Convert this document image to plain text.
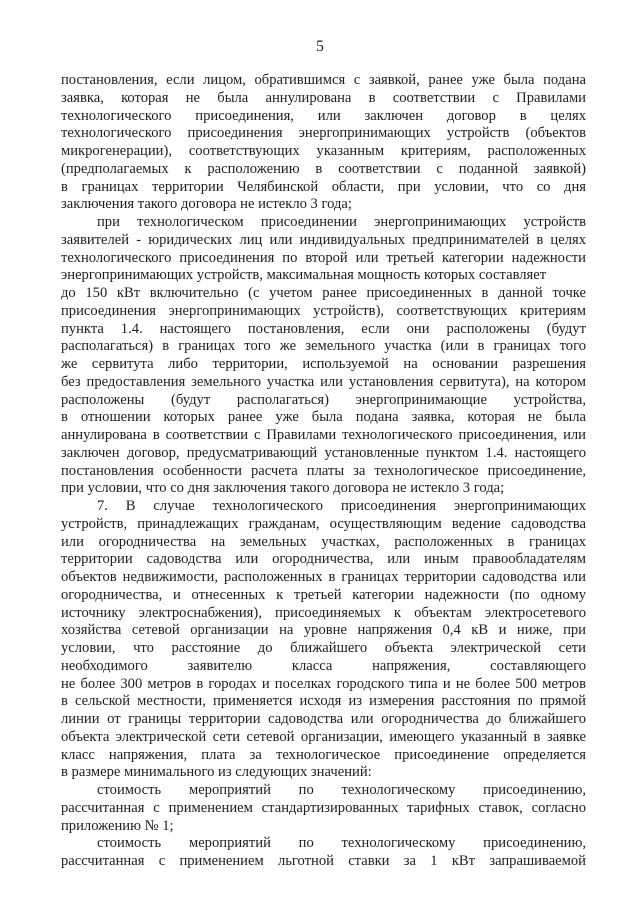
5
постановления, если лицом, обратившимся с заявкой, ранее уже была подана
заявка, которая не была аннулирована в соответствии с Правилами
технологического присоединения, или заключен договор в целях
технологического присоединения энергопринимающих устройств (объектов
микрогенерации), соответствующих указанным критериям, расположенных
(предполагаемых к расположению в соответствии с поданной заявкой)
в границах территории Челябинской области, при условии, что со дня
заключения такого договора не истекло 3 года;
при технологическом присоединении энергопринимающих устройств
заявителей - юридических лиц или индивидуальных предпринимателей в целях
технологического присоединения по второй или третьей категории надежности
энергопринимающих устройств, максимальная мощность которых составляет
до 150 кВт включительно (с учетом ранее присоединенных в данной точке
присоединения энергопринимающих устройств), соответствующих критериям
пункта 1.4. настоящего постановления, если они расположены (будут
располагаться) в границах того же земельного участка (или в границах того
же сервитута либо территории, используемой на основании разрешения
без предоставления земельного участка или установления сервитута), на котором
расположены (будут располагаться) энергопринимающие устройства,
в отношении которых ранее уже была подана заявка, которая не была
аннулирована в соответствии с Правилами технологического присоединения, или
заключен договор, предусматривающий установленные пунктом 1.4. настоящего
постановления особенности расчета платы за технологическое присоединение,
при условии, что со дня заключения такого договора не истекло 3 года;
7. В случае технологического присоединения энергопринимающих
устройств, принадлежащих гражданам, осуществляющим ведение садоводства
или огородничества на земельных участках, расположенных в границах
территории садоводства или огородничества, или иным правообладателям
объектов недвижимости, расположенных в границах территории садоводства или
огородничества, и отнесенных к третьей категории надежности (по одному
источнику электроснабжения), присоединяемых к объектам электросетевого
хозяйства сетевой организации на уровне напряжения 0,4 кВ и ниже, при
условии, что расстояние до ближайшего объекта электрической сети
необходимого заявителю класса напряжения, составляющего
не более 300 метров в городах и поселках городского типа и не более 500 метров
в сельской местности, применяется исходя из измерения расстояния по прямой
линии от границы территории садоводства или огородничества до ближайшего
объекта электрической сети сетевой организации, имеющего указанный в заявке
класс напряжения, плата за технологическое присоединение определяется
в размере минимального из следующих значений:
стоимость мероприятий по технологическому присоединению,
рассчитанная с применением стандартизированных тарифных ставок, согласно
приложению № 1;
стоимость мероприятий по технологическому присоединению,
рассчитанная с применением льготной ставки за 1 кВт запрашиваемой
